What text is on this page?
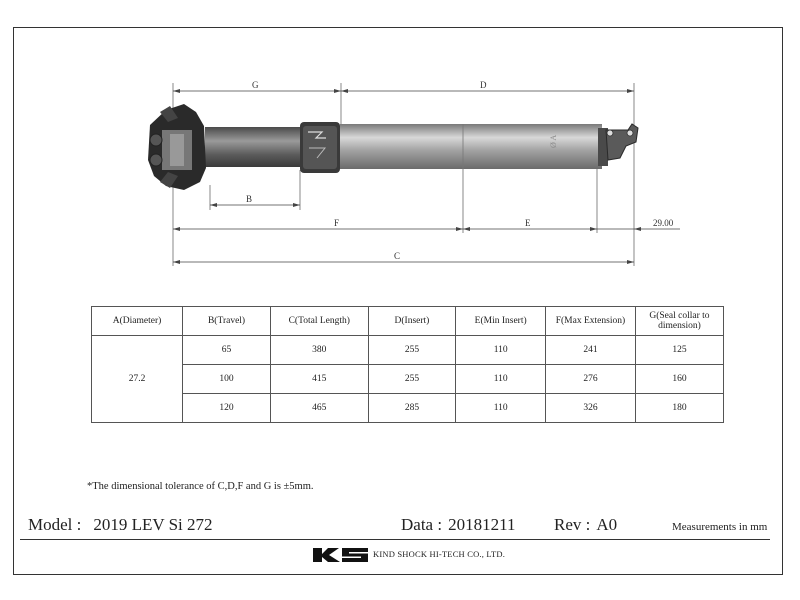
G	D
B
F	E	29.00
C
Ø A
A(Diameter)	B(Travel)	C(Total Length)	D(Insert)	E(Min Insert)	F(Max Extension)	G(Seal collar to dimension)
27.2	65	380	255	110	241	125
	100	415	255	110	276	160
	120	465	285	110	326	180
*The dimensional tolerance of C,D,F and G is ±5mm.
Model : 2019 LEV Si 272	Data : 20181211 Rev : A0	Measurements in mm
KIND SHOCK HI-TECH CO., LTD.
